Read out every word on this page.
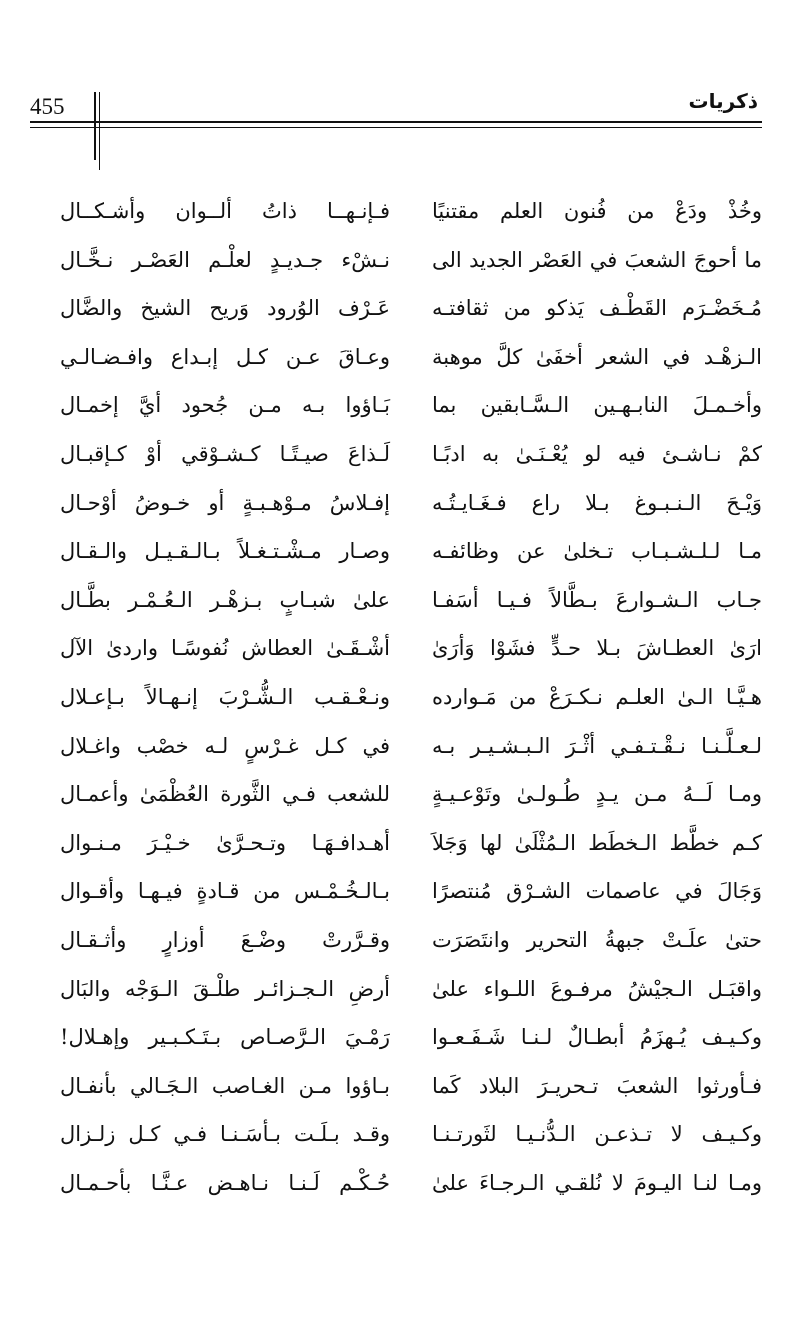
455	ذكريات
وخُذْ ودَعْ من فُنون العلم مقتنيًا
فـإنـهــا ذاتُ ألــوان وأشـكــال
ما أحوجَ الشعبَ في العَصْر الجديد الى
نـشْء جـديـدٍ لعلْـم العَصْـر نـخَّـال
مُـخَضْـرَم القَطْـف يَذكو من ثقافتـه
عَـرْف الوُرود وَريح الشيخ والضَّال
الـزهْـد في الشعر أخفَىٰ كلَّ موهبة
وعـاقَ عـن كـل إبـداع وافـضـالـي
وأخـمـلَ النابـهـين الـسَّـابقين بما
بَـاؤوا بـه مـن جُحود أيَّ إخمـال
كمْ نـاشـئ فيه لو يُعْـنَـىٰ به ادبًـا
لَـذاعَ صيـتًـا كـشـوْقي أوْ كـإقبـال
وَيْـحَ الـنـبـوغ بـلا راع فـغَـايـتُـه
إفـلاسُ مـوْهـبـةٍ أو خـوضُ أوْحـال
مـا لـلـشـبـاب تـخلىٰ عن وظائفـه
وصـار مـشْـتـغـلاً بـالـقـيـل والـقـال
جـاب الـشـوارعَ بـطَّالاً فـيـا أسَفـا
علىٰ شبـابٍ بـزهْـر الـعُـمْـر بطَّـال
ارَىٰ العطـاشَ بـلا حـدٍّ فشَوْا وَأرَىٰ
أشْـقَـىٰ العطاش نُفوسًـا واردىٰ الآل
هـيَّـا الـىٰ العلـم نـكـرَعْ من مَـوارده
ونـعْـقـب الـشُّـرْبَ إنـهـالاً بـإعـلال
لـعـلَّـنـا نـقْـتـفـي أثْـرَ الـبـشـيـر بـه
في كـل غـرْسٍ لـه خصْب واغـلال
ومـا لَــهُ مـن يـدٍ طُـولـىٰ وتَوْعـيـةٍ
للشعب فـي الثَّورة العُظْمَىٰ وأعمـال
كـم خطَّط الـخطَط الـمُثْلَىٰ لها وَجَلاَ
أهـدافـهَـا وتـحـرَّىٰ خـيْـرَ مـنـوال
وَجَالَ في عاصمات الشـرْق مُنتصرًا
بـالـخُـمْـس من قـادةٍ فيـهـا وأقـوال
حتىٰ علَـتْ جبهةُ التحرير وانتَصَرَت
وقـرَّرتْ وضْـعَ أوزارٍ وأثـقـال
واقبَـل الـجيْشُ مرفـوعَ اللـواء علىٰ
أرضِ الـجـزائـر طلْـقَ الـوَجْه والبَال
وكـيـف يُـهزَمُ أبطـالٌ لـنـا شَـفَـعـوا
رَمْـيَ الـرَّصـاص بـتَـكـبـير وإهـلال!
فـأورثوا الشعبَ تـحريـرَ البلاد كَما
بـاؤوا مـن الغـاصب الـجَـالي بأنفـال
وكـيـف لا تـذعـن الـدُّنـيـا لثَورتـنـا
وقـد بـلَـت بـأسَـنـا فـي كـل زلـزال
ومـا لنـا اليـومَ لا نُلقـي الـرجـاءَ علىٰ
حُـكْـم لَـنـا نـاهـض عـنَّـا بأحـمـال
